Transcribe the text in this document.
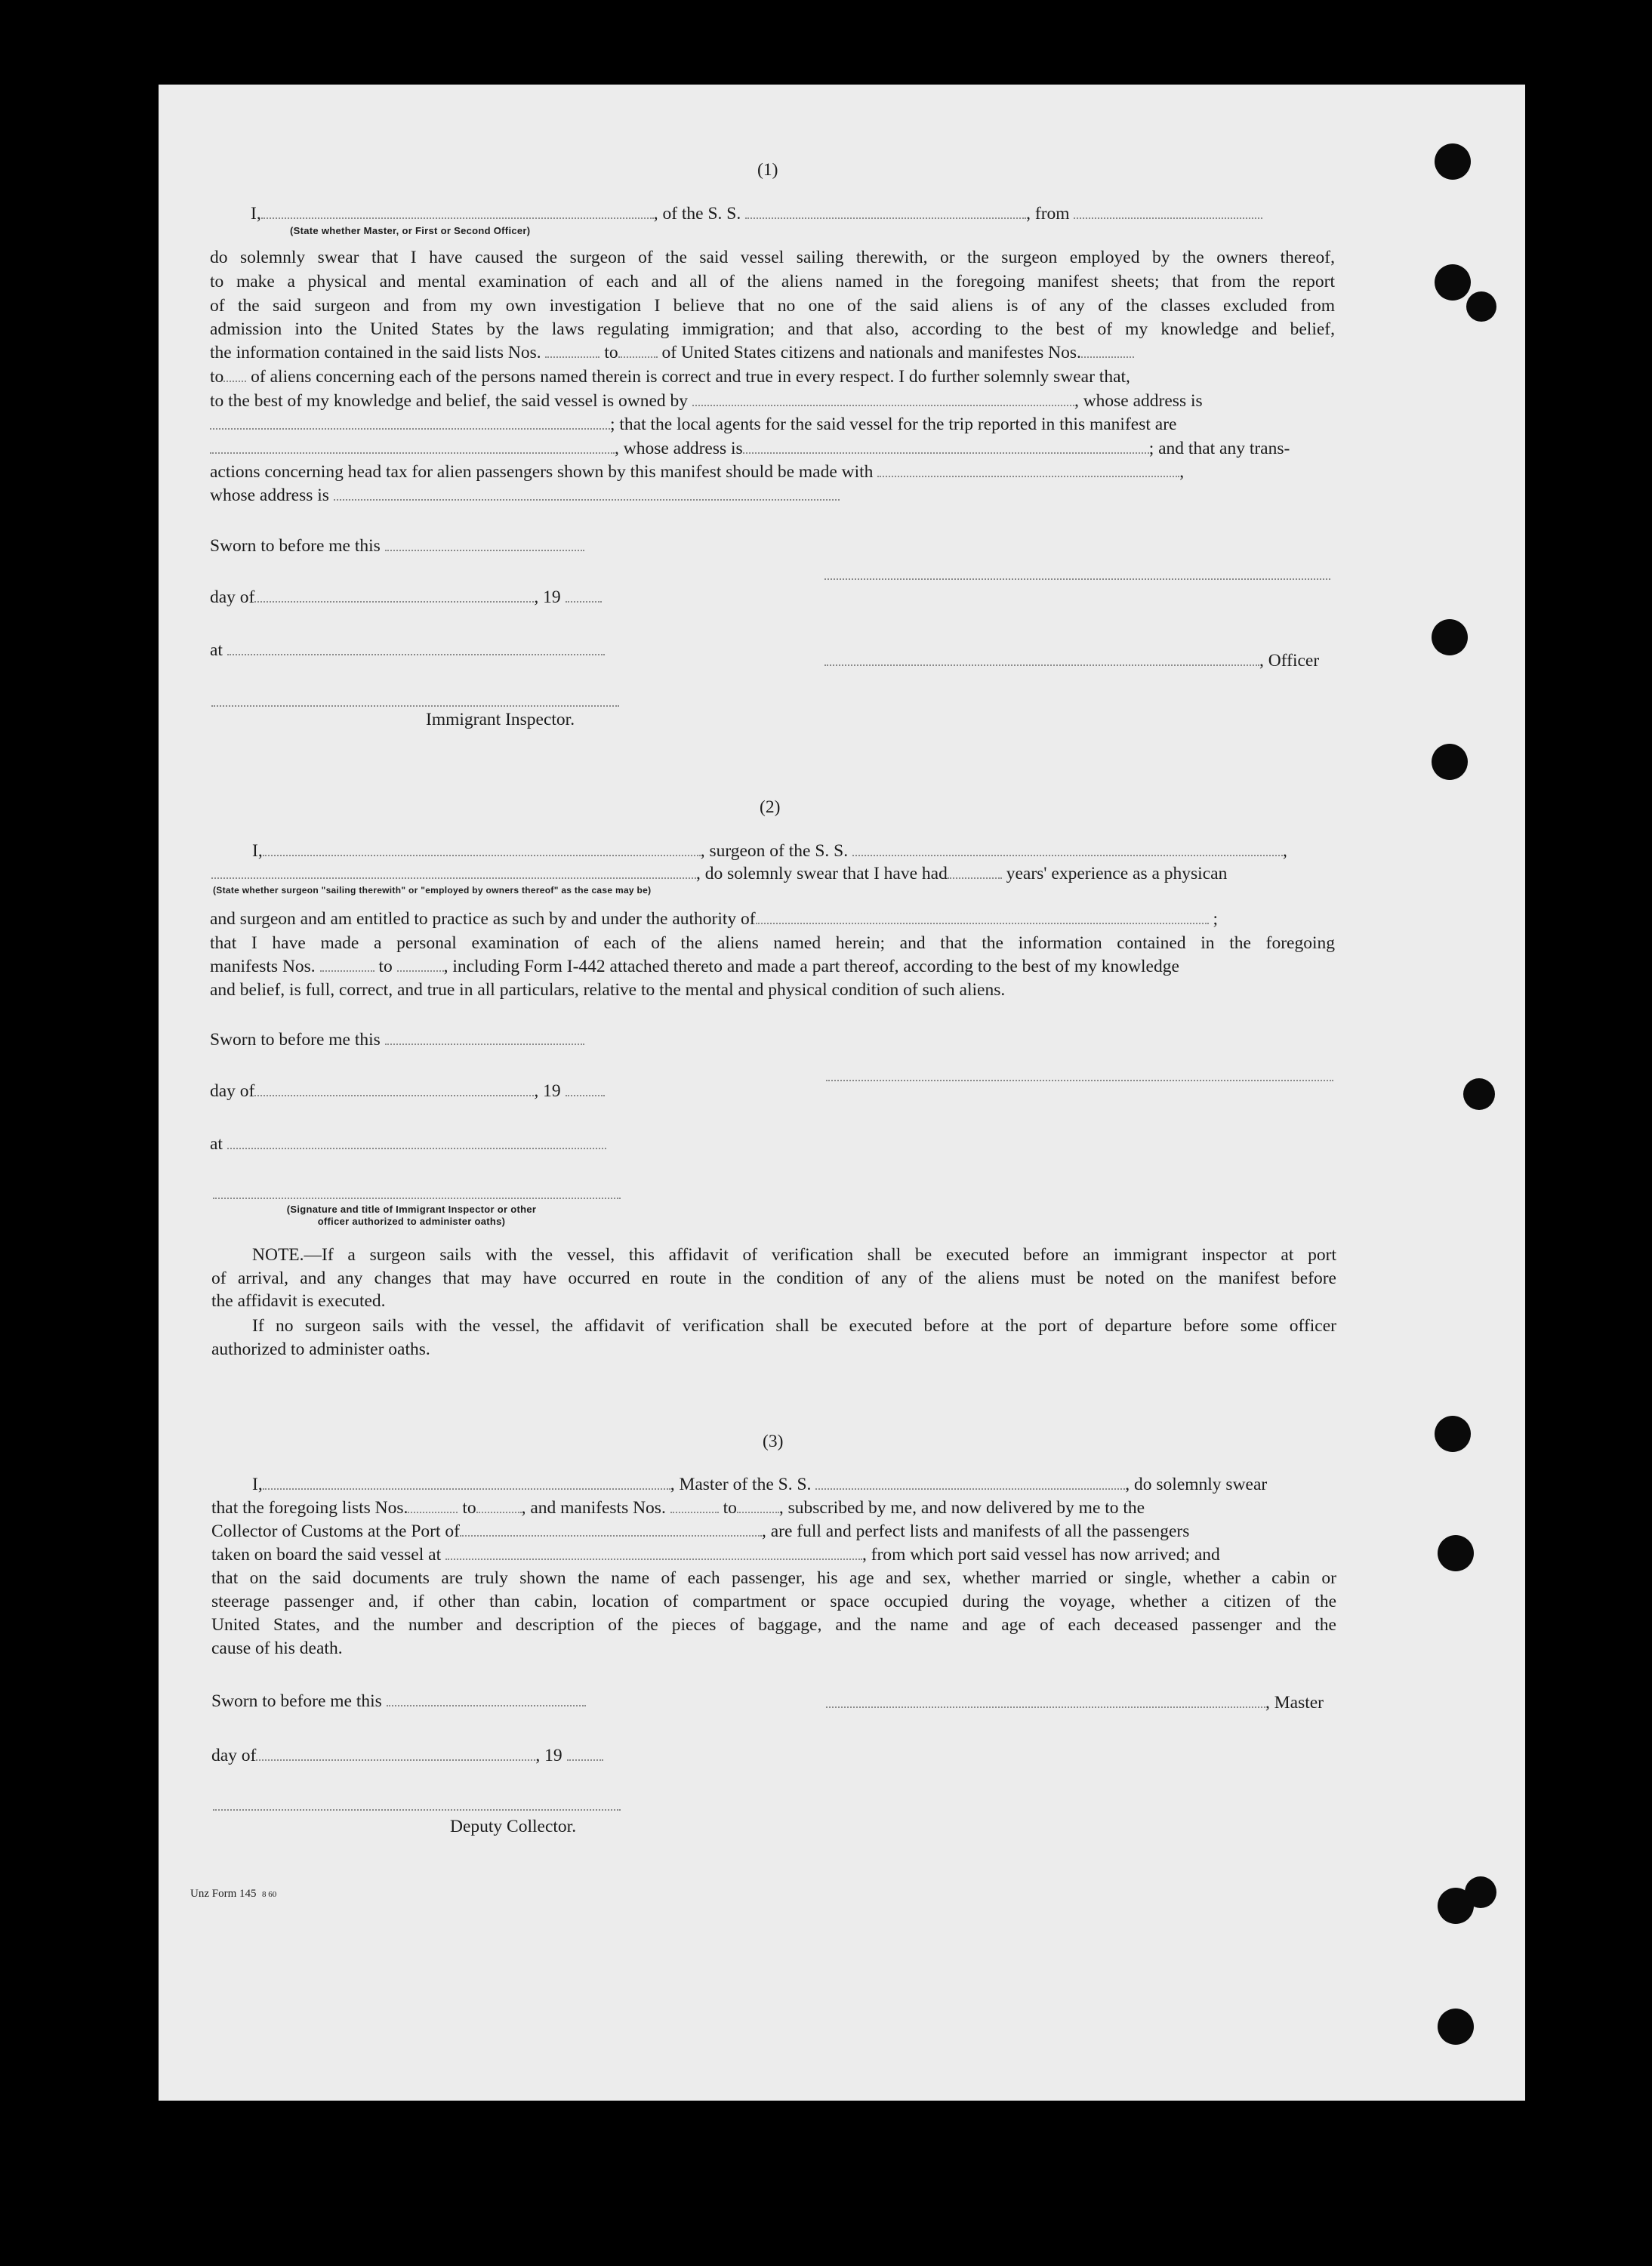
(1)
I,	, of the S. S.	, from
(State whether Master, or First or Second Officer)
do solemnly swear that I have caused the surgeon of the said vessel sailing therewith, or the surgeon employed by the owners thereof,
to make a physical and mental examination of each and all of the aliens named in the foregoing manifest sheets; that from the report
of the said surgeon and from my own investigation I believe that no one of the said aliens is of any of the classes excluded from
admission into the United States by the laws regulating immigration; and that also, according to the best of my knowledge and belief,
the information contained in the said lists Nos.	to of United States citizens and nationals and manifestes Nos.
to of aliens concerning each of the persons named therein is correct and true in every respect. I do further solemnly swear that,
to the best of my knowledge and belief, the said vessel is owned by	, whose address is
; that the local agents for the said vessel for the trip reported in this manifest are
, whose address is	; and that any trans-
actions concerning head tax for alien passengers shown by this manifest should be made with	,
whose address is
Sworn to before me this
day of	, 19
at
, Officer
Immigrant Inspector.
(2)
I,	, surgeon of the S. S.	,
, do solemnly swear that I have had	years' experience as a physican
(State whether surgeon "sailing therewith" or "employed by owners thereof" as the case may be)
and surgeon and am entitled to practice as such by and under the authority of	;
that I have made a personal examination of each of the aliens named herein; and that the information contained in the foregoing
manifests Nos.	to	, including Form I-442 attached thereto and made a part thereof, according to the best of my knowledge
and belief, is full, correct, and true in all particulars, relative to the mental and physical condition of such aliens.
Sworn to before me this
day of	, 19
at
(Signature and title of Immigrant Inspector or other
officer authorized to administer oaths)
NOTE.—If a surgeon sails with the vessel, this affidavit of verification shall be executed before an immigrant inspector at port
of arrival, and any changes that may have occurred en route in the condition of any of the aliens must be noted on the manifest before
the affidavit is executed.
If no surgeon sails with the vessel, the affidavit of verification shall be executed before at the port of departure before some officer
authorized to administer oaths.
(3)
I,	, Master of the S. S.	, do solemnly swear
that the foregoing lists Nos.	to	, and manifests Nos.	to , subscribed by me, and now delivered by me to the
Collector of Customs at the Port of	, are full and perfect lists and manifests of all the passengers
taken on board the said vessel at	, from which port said vessel has now arrived; and
that on the said documents are truly shown the name of each passenger, his age and sex, whether married or single, whether a cabin or
steerage passenger and, if other than cabin, location of compartment or space occupied during the voyage, whether a citizen of the
United States, and the number and description of the pieces of baggage, and the name and age of each deceased passenger and the
cause of his death.
Sworn to before me this	, Master
day of	, 19
Deputy Collector.
Unz Form 145 8 60
